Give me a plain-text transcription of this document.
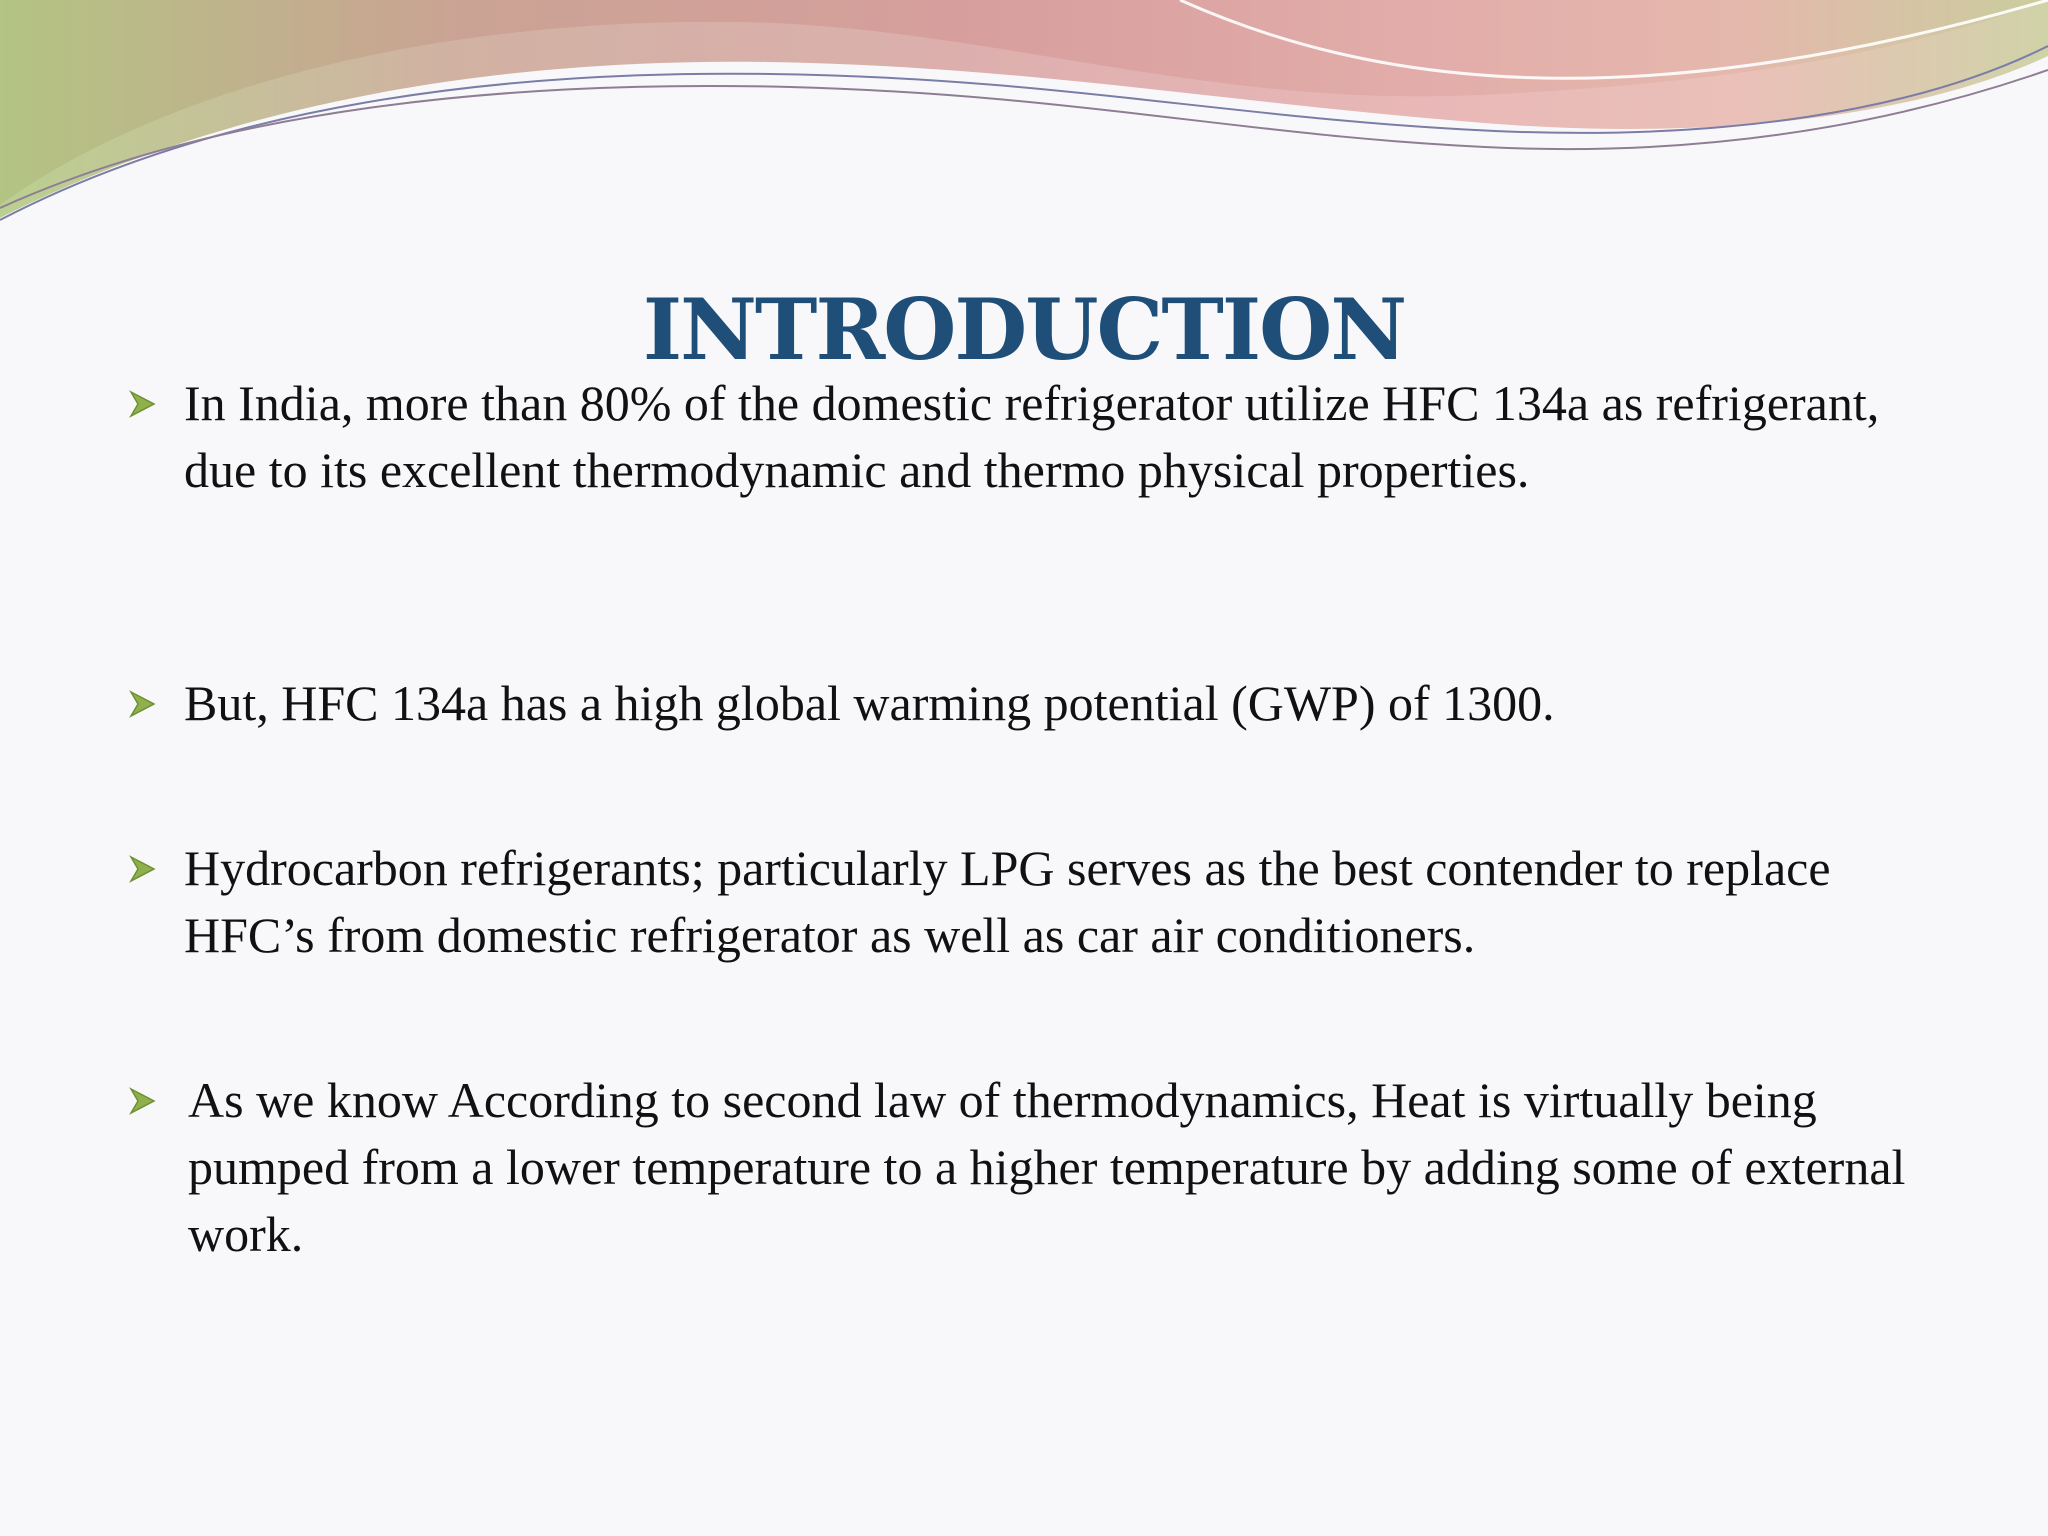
INTRODUCTION
In India, more than 80% of the domestic refrigerator utilize HFC 134a as refrigerant, due to its excellent thermodynamic and thermo physical properties.
But, HFC 134a has a high global warming potential (GWP) of 1300.
Hydrocarbon refrigerants; particularly LPG serves as the best contender to replace HFC’s from domestic refrigerator as well as car air conditioners.
As we know According to second law of thermodynamics, Heat is virtually being pumped from a lower temperature to a higher temperature by adding some of external work.
